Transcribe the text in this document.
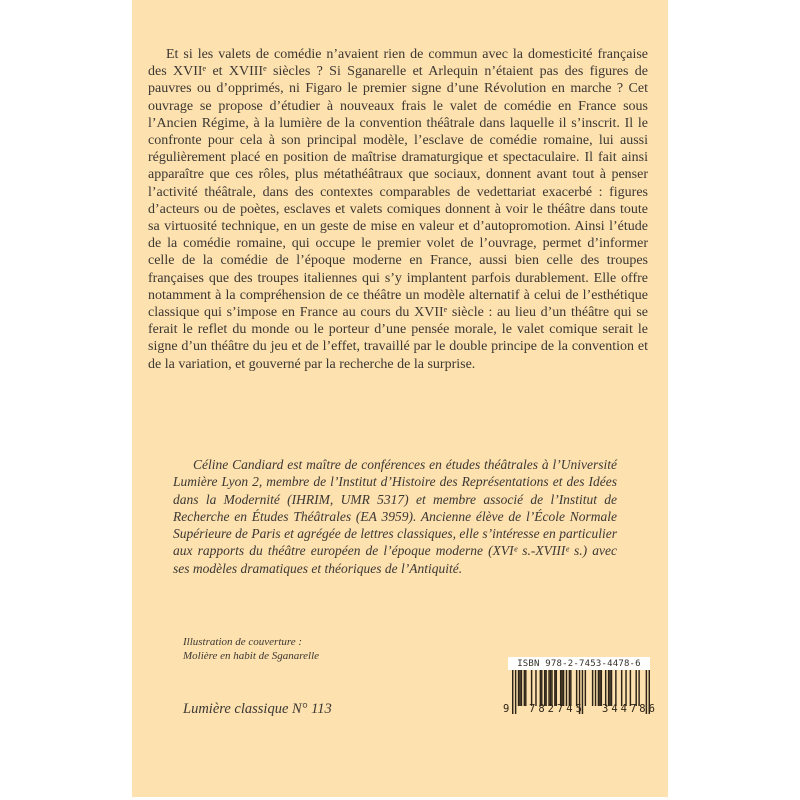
Et si les valets de comédie n’avaient rien de commun avec la domesticité française des XVIIᵉ et XVIIIᵉ siècles ? Si Sganarelle et Arlequin n’étaient pas des figures de pauvres ou d’opprimés, ni Figaro le premier signe d’une Révolution en marche ? Cet ouvrage se propose d’étudier à nouveaux frais le valet de comédie en France sous l’Ancien Régime, à la lumière de la convention théâtrale dans laquelle il s’inscrit. Il le confronte pour cela à son principal modèle, l’esclave de comédie romaine, lui aussi régulièrement placé en position de maîtrise dramaturgique et spectaculaire. Il fait ainsi apparaître que ces rôles, plus métathéâtraux que sociaux, donnent avant tout à penser l’activité théâtrale, dans des contextes comparables de vedettariat exacerbé : figures d’acteurs ou de poètes, esclaves et valets comiques donnent à voir le théâtre dans toute sa virtuosité technique, en un geste de mise en valeur et d’autopromotion. Ainsi l’étude de la comédie romaine, qui occupe le premier volet de l’ouvrage, permet d’informer celle de la comédie de l’époque moderne en France, aussi bien celle des troupes françaises que des troupes italiennes qui s’y implantent parfois durablement. Elle offre notamment à la compréhension de ce théâtre un modèle alternatif à celui de l’esthétique classique qui s’impose en France au cours du XVIIᵉ siècle : au lieu d’un théâtre qui se ferait le reflet du monde ou le porteur d’une pensée morale, le valet comique serait le signe d’un théâtre du jeu et de l’effet, travaillé par le double principe de la convention et de la variation, et gouverné par la recherche de la surprise.

Céline Candiard est maître de conférences en études théâtrales à l’Université Lumière Lyon 2, membre de l’Institut d’Histoire des Représentations et des Idées dans la Modernité (IHRIM, UMR 5317) et membre associé de l’Institut de Recherche en Études Théâtrales (EA 3959). Ancienne élève de l’École Normale Supérieure de Paris et agrégée de lettres classiques, elle s’intéresse en particulier aux rapports du théâtre européen de l’époque moderne (XVIᵉ s.-XVIIIᵉ s.) avec ses modèles dramatiques et théoriques de l’Antiquité.

Illustration de couverture :
Molière en habit de Sganarelle

Lumière classique N° 113

ISBN 978-2-7453-4478-6
9 782745 344786
